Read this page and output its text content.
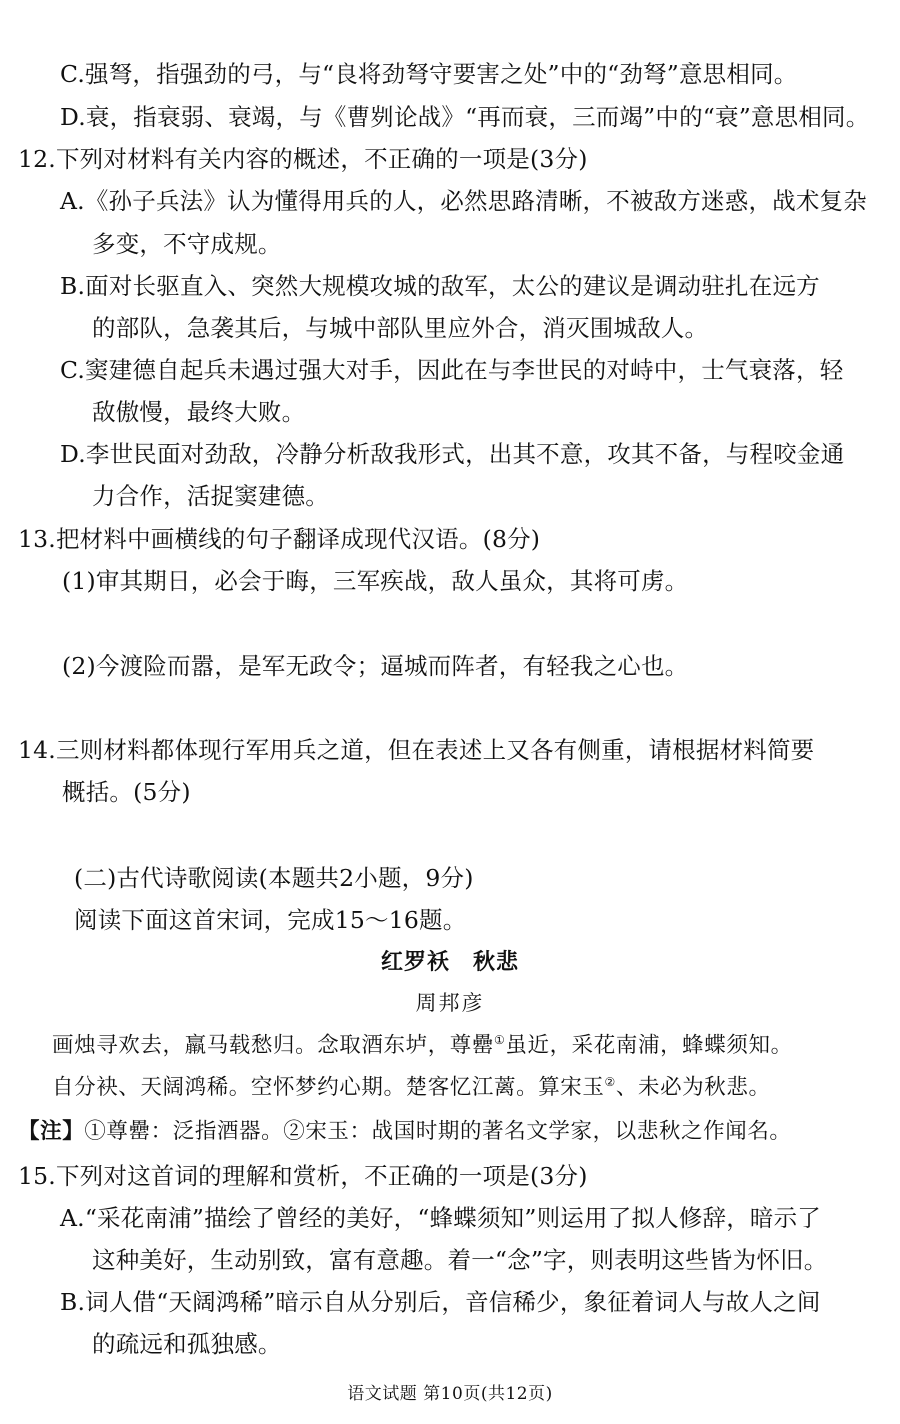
C.强弩，指强劲的弓，与“良将劲弩守要害之处”中的“劲弩”意思相同。
D.衰，指衰弱、衰竭，与《曹刿论战》“再而衰，三而竭”中的“衰”意思相同。
12.下列对材料有关内容的概述，不正确的一项是(3分)
A.《孙子兵法》认为懂得用兵的人，必然思路清晰，不被敌方迷惑，战术复杂
多变，不守成规。
B.面对长驱直入、突然大规模攻城的敌军，太公的建议是调动驻扎在远方
的部队，急袭其后，与城中部队里应外合，消灭围城敌人。
C.窦建德自起兵未遇过强大对手，因此在与李世民的对峙中，士气衰落，轻
敌傲慢，最终大败。
D.李世民面对劲敌，冷静分析敌我形式，出其不意，攻其不备，与程咬金通
力合作，活捉窦建德。
13.把材料中画横线的句子翻译成现代汉语。(8分)
(1)审其期日，必会于晦，三军疾战，敌人虽众，其将可虏。
(2)今渡险而嚣，是军无政令；逼城而阵者，有轻我之心也。
14.三则材料都体现行军用兵之道，但在表述上又各有侧重，请根据材料简要
概括。(5分)
(二)古代诗歌阅读(本题共2小题，9分)
阅读下面这首宋词，完成15～16题。
红罗袄　秋悲
周邦彦
画烛寻欢去，羸马载愁归。念取酒东垆，尊罍①虽近，采花南浦，蜂蝶须知。
自分袂、天阔鸿稀。空怀梦约心期。楚客忆江蓠。算宋玉②、未必为秋悲。
【注】①尊罍：泛指酒器。②宋玉：战国时期的著名文学家，以悲秋之作闻名。
15.下列对这首词的理解和赏析，不正确的一项是(3分)
A.“采花南浦”描绘了曾经的美好，“蜂蝶须知”则运用了拟人修辞，暗示了
这种美好，生动别致，富有意趣。着一“念”字，则表明这些皆为怀旧。
B.词人借“天阔鸿稀”暗示自从分别后，音信稀少，象征着词人与故人之间
的疏远和孤独感。
语文试题 第10页(共12页)
